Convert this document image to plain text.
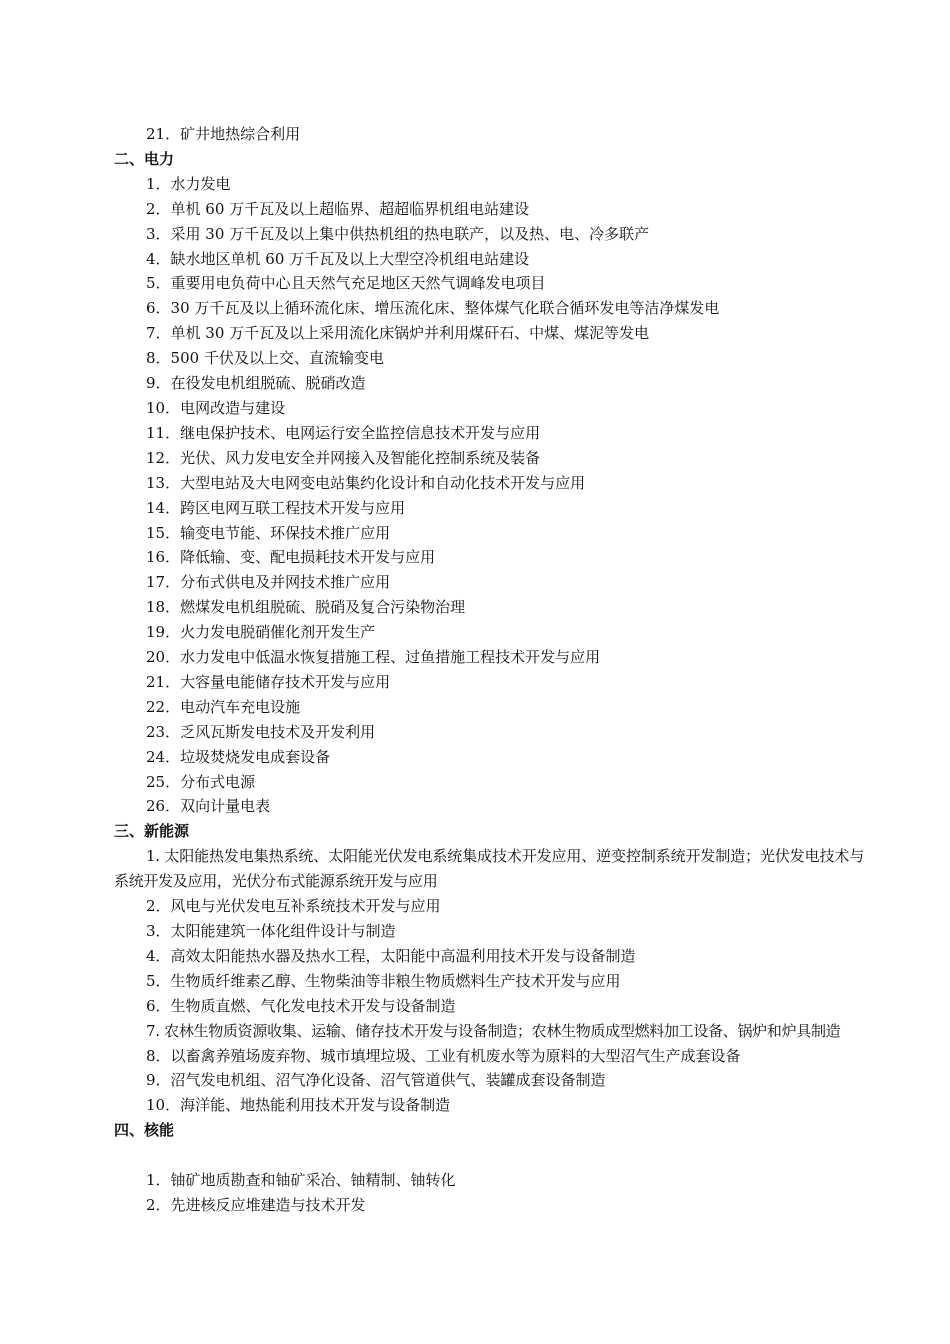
21．矿井地热综合利用
二、电力
1．水力发电
2．单机 60 万千瓦及以上超临界、超超临界机组电站建设
3．采用 30 万千瓦及以上集中供热机组的热电联产，以及热、电、冷多联产
4．缺水地区单机 60 万千瓦及以上大型空冷机组电站建设
5．重要用电负荷中心且天然气充足地区天然气调峰发电项目
6．30 万千瓦及以上循环流化床、增压流化床、整体煤气化联合循环发电等洁净煤发电
7．单机 30 万千瓦及以上采用流化床锅炉并利用煤矸石、中煤、煤泥等发电
8．500 千伏及以上交、直流输变电
9．在役发电机组脱硫、脱硝改造
10．电网改造与建设
11．继电保护技术、电网运行安全监控信息技术开发与应用
12．光伏、风力发电安全并网接入及智能化控制系统及装备
13．大型电站及大电网变电站集约化设计和自动化技术开发与应用
14．跨区电网互联工程技术开发与应用
15．输变电节能、环保技术推广应用
16．降低输、变、配电损耗技术开发与应用
17．分布式供电及并网技术推广应用
18．燃煤发电机组脱硫、脱硝及复合污染物治理
19．火力发电脱硝催化剂开发生产
20．水力发电中低温水恢复措施工程、过鱼措施工程技术开发与应用
21．大容量电能储存技术开发与应用
22．电动汽车充电设施
23．乏风瓦斯发电技术及开发利用
24．垃圾焚烧发电成套设备
25．分布式电源
26．双向计量电表
三、新能源
1. 太阳能热发电集热系统、太阳能光伏发电系统集成技术开发应用、逆变控制系统开发制造；光伏发电技术与系统开发及应用，光伏分布式能源系统开发与应用
2．风电与光伏发电互补系统技术开发与应用
3．太阳能建筑一体化组件设计与制造
4．高效太阳能热水器及热水工程，太阳能中高温利用技术开发与设备制造
5．生物质纤维素乙醇、生物柴油等非粮生物质燃料生产技术开发与应用
6．生物质直燃、气化发电技术开发与设备制造
7. 农林生物质资源收集、运输、储存技术开发与设备制造；农林生物质成型燃料加工设备、锅炉和炉具制造
8．以畜禽养殖场废弃物、城市填埋垃圾、工业有机废水等为原料的大型沼气生产成套设备
9．沼气发电机组、沼气净化设备、沼气管道供气、装罐成套设备制造
10．海洋能、地热能利用技术开发与设备制造
四、核能
1．铀矿地质勘查和铀矿采冶、铀精制、铀转化
2．先进核反应堆建造与技术开发
